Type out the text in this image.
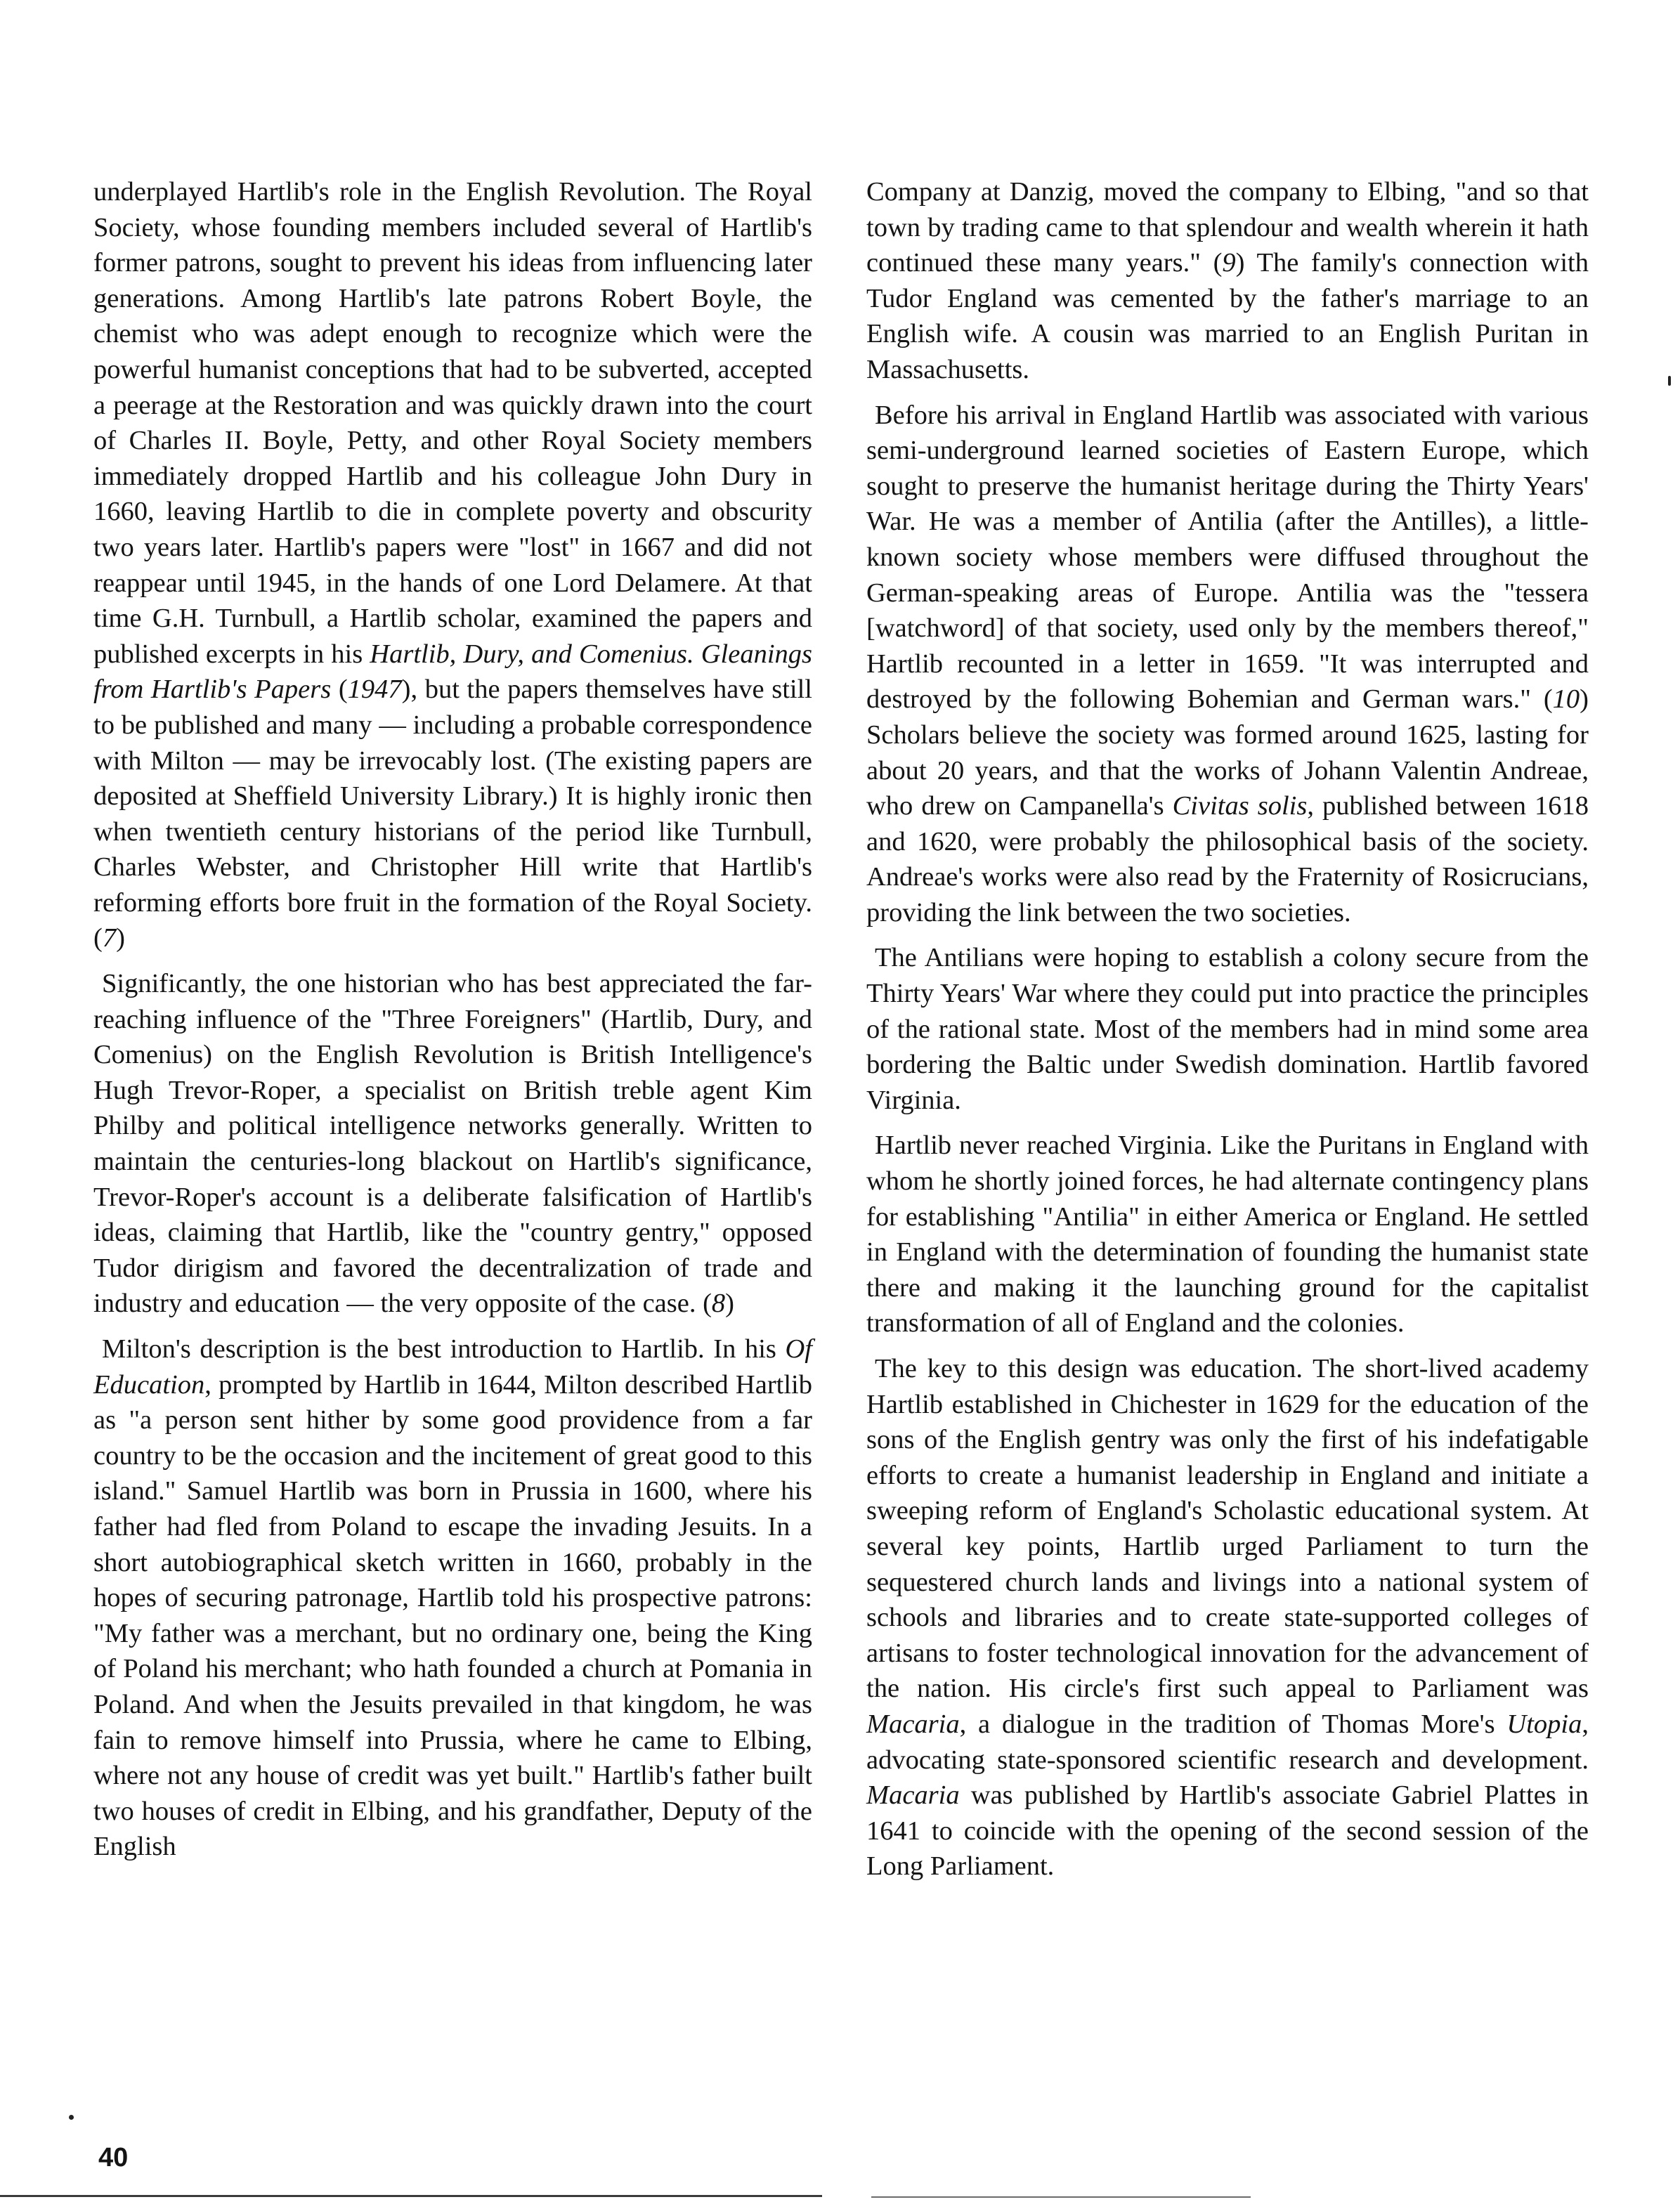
underplayed Hartlib's role in the English Revolution. The Royal Society, whose founding members included several of Hartlib's former patrons, sought to prevent his ideas from influencing later generations. Among Hartlib's late patrons Robert Boyle, the chemist who was adept enough to recognize which were the powerful humanist conceptions that had to be subverted, accepted a peerage at the Restoration and was quickly drawn into the court of Charles II. Boyle, Petty, and other Royal Society members immediately dropped Hartlib and his colleague John Dury in 1660, leaving Hartlib to die in complete poverty and obscurity two years later. Hartlib's papers were "lost" in 1667 and did not reappear until 1945, in the hands of one Lord Delamere. At that time G.H. Turnbull, a Hartlib scholar, examined the papers and published excerpts in his Hartlib, Dury, and Comenius. Gleanings from Hartlib's Papers (1947), but the papers themselves have still to be published and many — including a probable correspondence with Milton — may be irrevocably lost. (The existing papers are deposited at Sheffield University Library.) It is highly ironic then when twentieth century historians of the period like Turnbull, Charles Webster, and Christopher Hill write that Hartlib's reforming efforts bore fruit in the formation of the Royal Society. (7)

Significantly, the one historian who has best appreciated the far-reaching influence of the "Three Foreigners" (Hartlib, Dury, and Comenius) on the English Revolution is British Intelligence's Hugh Trevor-Roper, a specialist on British treble agent Kim Philby and political intelligence networks generally. Written to maintain the centuries-long blackout on Hartlib's significance, Trevor-Roper's account is a deliberate falsification of Hartlib's ideas, claiming that Hartlib, like the "country gentry," opposed Tudor dirigism and favored the decentralization of trade and industry and education — the very opposite of the case. (8)

Milton's description is the best introduction to Hartlib. In his Of Education, prompted by Hartlib in 1644, Milton described Hartlib as "a person sent hither by some good providence from a far country to be the occasion and the incitement of great good to this island." Samuel Hartlib was born in Prussia in 1600, where his father had fled from Poland to escape the invading Jesuits. In a short autobiographical sketch written in 1660, probably in the hopes of securing patronage, Hartlib told his prospective patrons: "My father was a merchant, but no ordinary one, being the King of Poland his merchant; who hath founded a church at Pomania in Poland. And when the Jesuits prevailed in that kingdom, he was fain to remove himself into Prussia, where he came to Elbing, where not any house of credit was yet built." Hartlib's father built two houses of credit in Elbing, and his grandfather, Deputy of the English

Company at Danzig, moved the company to Elbing, "and so that town by trading came to that splendour and wealth wherein it hath continued these many years." (9) The family's connection with Tudor England was cemented by the father's marriage to an English wife. A cousin was married to an English Puritan in Massachusetts.

Before his arrival in England Hartlib was associated with various semi-underground learned societies of Eastern Europe, which sought to preserve the humanist heritage during the Thirty Years' War. He was a member of Antilia (after the Antilles), a little-known society whose members were diffused throughout the German-speaking areas of Europe. Antilia was the "tessera [watchword] of that society, used only by the members thereof," Hartlib recounted in a letter in 1659. "It was interrupted and destroyed by the following Bohemian and German wars." (10) Scholars believe the society was formed around 1625, lasting for about 20 years, and that the works of Johann Valentin Andreae, who drew on Campanella's Civitas solis, published between 1618 and 1620, were probably the philosophical basis of the society. Andreae's works were also read by the Fraternity of Rosicrucians, providing the link between the two societies.

The Antilians were hoping to establish a colony secure from the Thirty Years' War where they could put into practice the principles of the rational state. Most of the members had in mind some area bordering the Baltic under Swedish domination. Hartlib favored Virginia.

Hartlib never reached Virginia. Like the Puritans in England with whom he shortly joined forces, he had alternate contingency plans for establishing "Antilia" in either America or England. He settled in England with the determination of founding the humanist state there and making it the launching ground for the capitalist transformation of all of England and the colonies.

The key to this design was education. The short-lived academy Hartlib established in Chichester in 1629 for the education of the sons of the English gentry was only the first of his indefatigable efforts to create a humanist leadership in England and initiate a sweeping reform of England's Scholastic educational system. At several key points, Hartlib urged Parliament to turn the sequestered church lands and livings into a national system of schools and libraries and to create state-supported colleges of artisans to foster technological innovation for the advancement of the nation. His circle's first such appeal to Parliament was Macaria, a dialogue in the tradition of Thomas More's Utopia, advocating state-sponsored scientific research and development. Macaria was published by Hartlib's associate Gabriel Plattes in 1641 to coincide with the opening of the second session of the Long Parliament.

40
